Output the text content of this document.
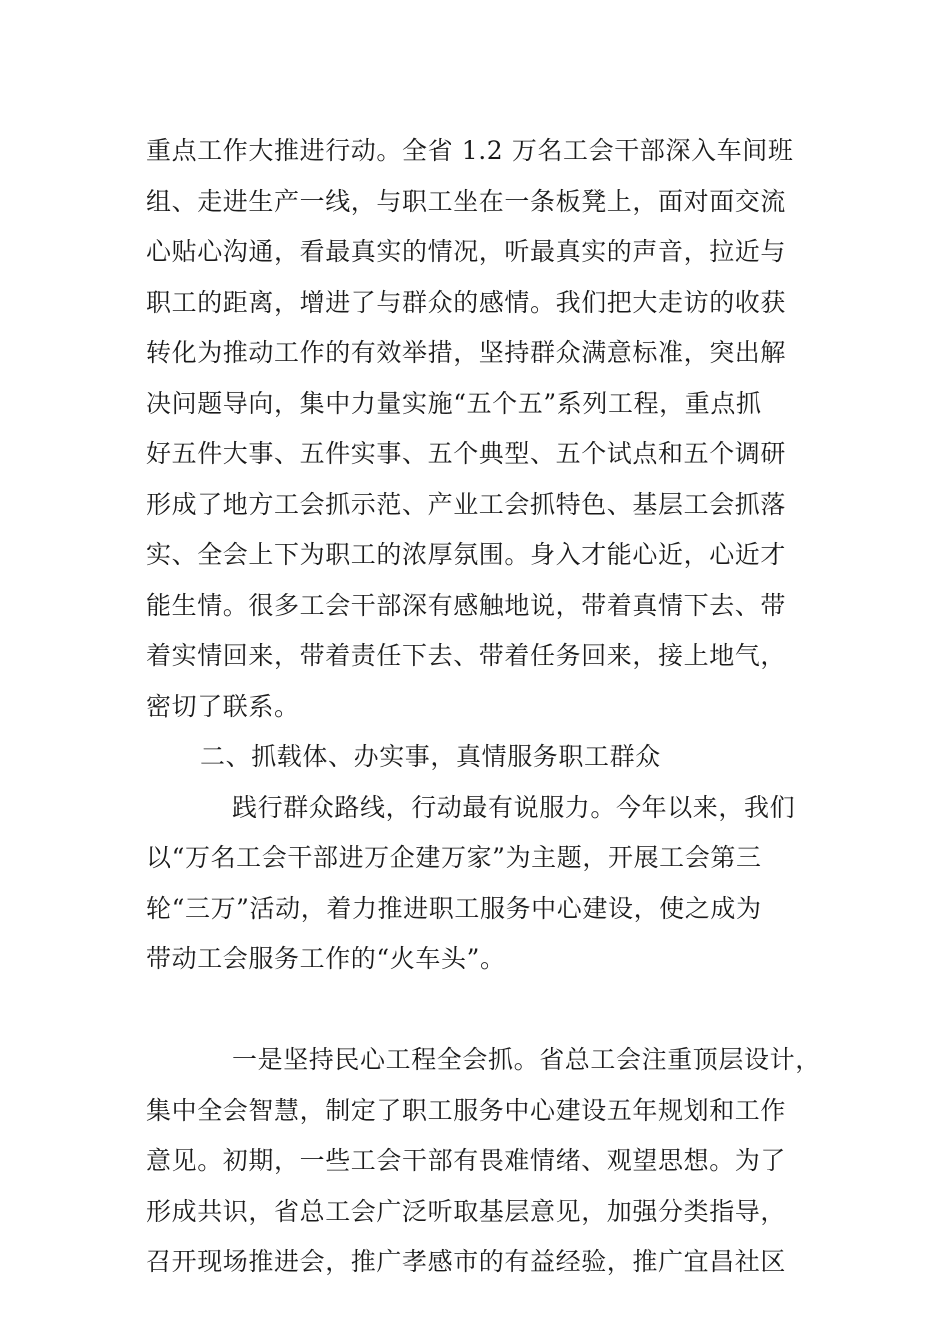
重点工作大推进行动。全省 1.2 万名工会干部深入车间班
组、走进生产一线，与职工坐在一条板凳上，面对面交流
心贴心沟通，看最真实的情况，听最真实的声音，拉近与
职工的距离，增进了与群众的感情。我们把大走访的收获
转化为推动工作的有效举措，坚持群众满意标准，突出解
决问题导向，集中力量实施“五个五”系列工程，重点抓
好五件大事、五件实事、五个典型、五个试点和五个调研
形成了地方工会抓示范、产业工会抓特色、基层工会抓落
实、全会上下为职工的浓厚氛围。身入才能心近，心近才
能生情。很多工会干部深有感触地说，带着真情下去、带
着实情回来，带着责任下去、带着任务回来，接上地气，
密切了联系。
二、抓载体、办实事，真情服务职工群众
践行群众路线，行动最有说服力。今年以来，我们
以“万名工会干部进万企建万家”为主题，开展工会第三
轮“三万”活动，着力推进职工服务中心建设，使之成为
带动工会服务工作的“火车头”。
一是坚持民心工程全会抓。省总工会注重顶层设计，
集中全会智慧，制定了职工服务中心建设五年规划和工作
意见。初期，一些工会干部有畏难情绪、观望思想。为了
形成共识，省总工会广泛听取基层意见，加强分类指导，
召开现场推进会，推广孝感市的有益经验，推广宜昌社区
